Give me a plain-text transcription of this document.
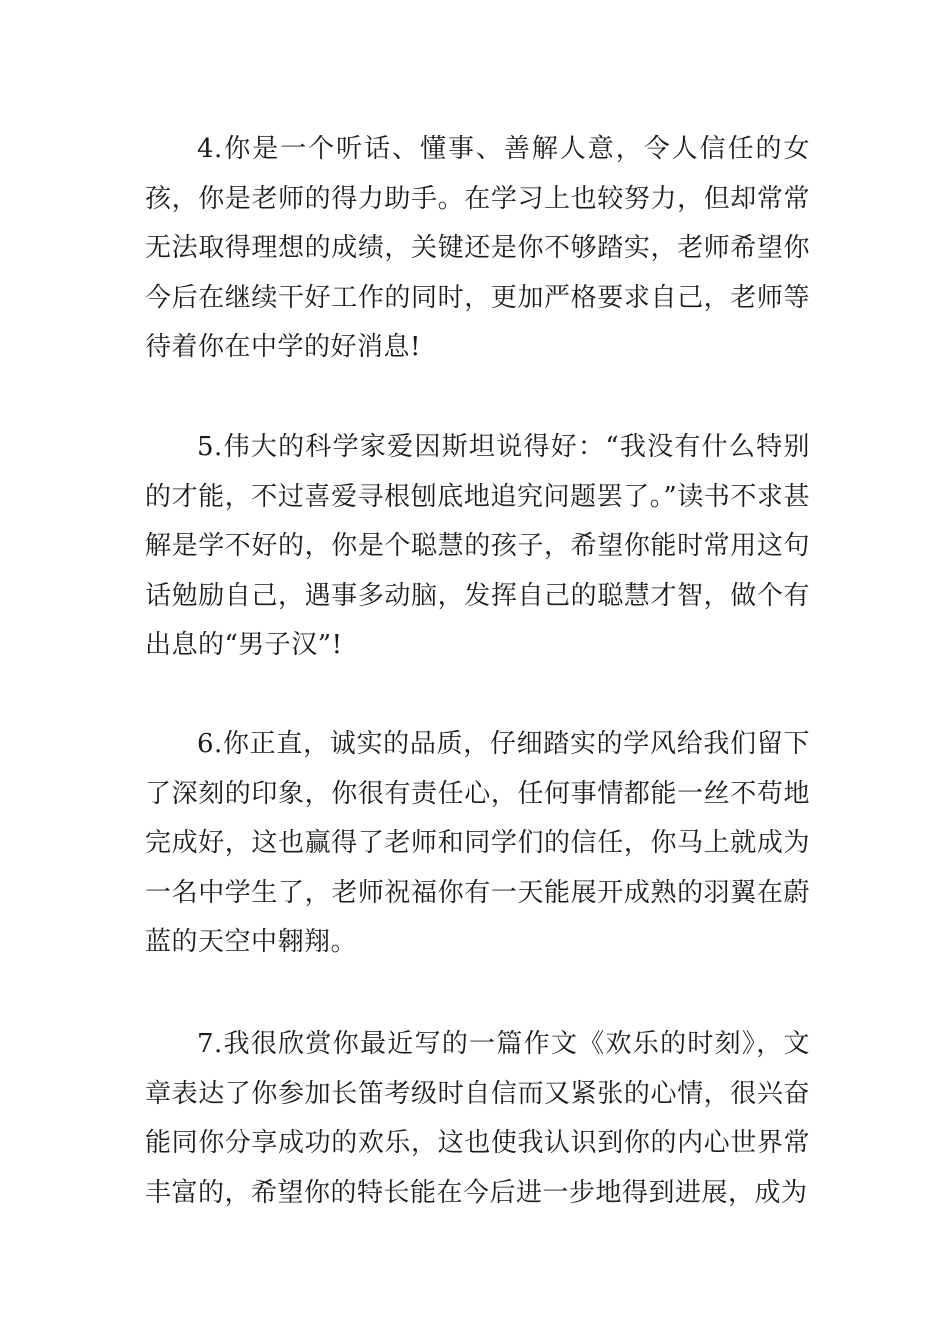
4.你是一个听话、懂事、善解人意，令人信任的女孩，你是老师的得力助手。在学习上也较努力，但却常常无法取得理想的成绩，关键还是你不够踏实，老师希望你今后在继续干好工作的同时，更加严格要求自己，老师等待着你在中学的好消息!

5.伟大的科学家爱因斯坦说得好：“我没有什么特别的才能，不过喜爱寻根刨底地追究问题罢了。”读书不求甚解是学不好的，你是个聪慧的孩子，希望你能时常用这句话勉励自己，遇事多动脑，发挥自己的聪慧才智，做个有出息的“男子汉”!

6.你正直，诚实的品质，仔细踏实的学风给我们留下了深刻的印象，你很有责任心，任何事情都能一丝不苟地完成好，这也赢得了老师和同学们的信任，你马上就成为一名中学生了，老师祝福你有一天能展开成熟的羽翼在蔚蓝的天空中翱翔。

7.我很欣赏你最近写的一篇作文《欢乐的时刻》，文章表达了你参加长笛考级时自信而又紧张的心情，很兴奋能同你分享成功的欢乐，这也使我认识到你的内心世界常丰富的，希望你的特长能在今后进一步地得到进展，成为
